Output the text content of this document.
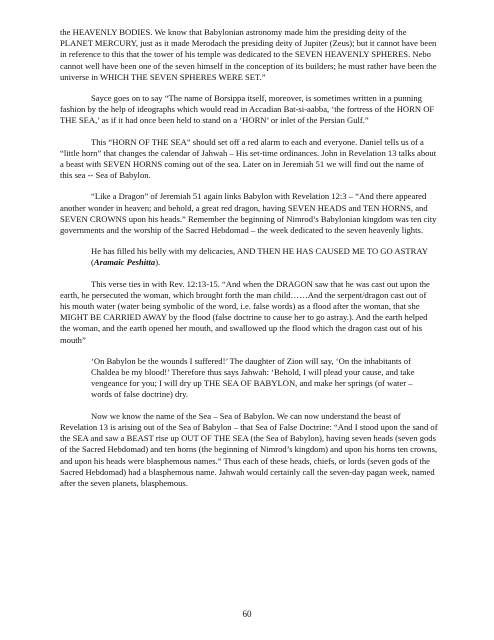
the HEAVENLY BODIES. We know that Babylonian astronomy made him the presiding deity of the PLANET MERCURY, just as it made Merodach the presiding deity of Jupiter (Zeus); but it cannot have been in reference to this that the tower of his temple was dedicated to the SEVEN HEAVENLY SPHERES. Nebo cannot well have been one of the seven himself in the conception of its builders; he must rather have been the universe in WHICH THE SEVEN SPHERES WERE SET.”

Sayce goes on to say “The name of Borsippa itself, moreover, is sometimes written in a punning fashion by the help of ideographs which would read in Accadian Bat-si-aabba, ‘the fortress of the HORN OF THE SEA,’ as if it had once been held to stand on a ‘HORN’ or inlet of the Persian Gulf.”

This “HORN OF THE SEA” should set off a red alarm to each and everyone. Daniel tells us of a “little horn” that changes the calendar of Jahwah – His set-time ordinances. John in Revelation 13 talks about a beast with SEVEN HORNS coming out of the sea. Later on in Jeremiah 51 we will find out the name of this sea -- Sea of Babylon.

“Like a Dragon” of Jeremiah 51 again links Babylon with Revelation 12:3 – “And there appeared another wonder in heaven; and behold, a great red dragon, having SEVEN HEADS and TEN HORNS, and SEVEN CROWNS upon his heads.” Remember the beginning of Nimrod’s Babylonian kingdom was ten city governments and the worship of the Sacred Hebdomad – the week dedicated to the seven heavenly lights.

He has filled his belly with my delicacies, AND THEN HE HAS CAUSED ME TO GO ASTRAY (Aramaic Peshitta).

This verse ties in with Rev. 12:13-15. “And when the DRAGON saw that he was cast out upon the earth, he persecuted the woman, which brought forth the man child……And the serpent/dragon cast out of his mouth water (water being symbolic of the word, i.e. false words) as a flood after the woman, that she MIGHT BE CARRIED AWAY by the flood (false doctrine to cause her to go astray.). And the earth helped the woman, and the earth opened her mouth, and swallowed up the flood which the dragon cast out of his mouth”

‘On Babylon be the wounds I suffered!’ The daughter of Zion will say, ‘On the inhabitants of Chaldea be my blood!’ Therefore thus says Jahwah: ‘Behold, I will plead your cause, and take vengeance for you; I will dry up THE SEA OF BABYLON, and make her springs (of water – words of false doctrine) dry.

Now we know the name of the Sea – Sea of Babylon. We can now understand the beast of Revelation 13 is arising out of the Sea of Babylon – that Sea of False Doctrine: “And I stood upon the sand of the SEA and saw a BEAST rise up OUT OF THE SEA (the Sea of Babylon), having seven heads (seven gods of the Sacred Hebdomad) and ten horns (the beginning of Nimrod’s kingdom) and upon his horns ten crowns, and upon his heads were blasphemous names.” Thus each of these heads, chiefs, or lords (seven gods of the Sacred Hebdomad) had a blasphemous name. Jahwah would certainly call the seven-day pagan week, named after the seven planets, blasphemous.

60
